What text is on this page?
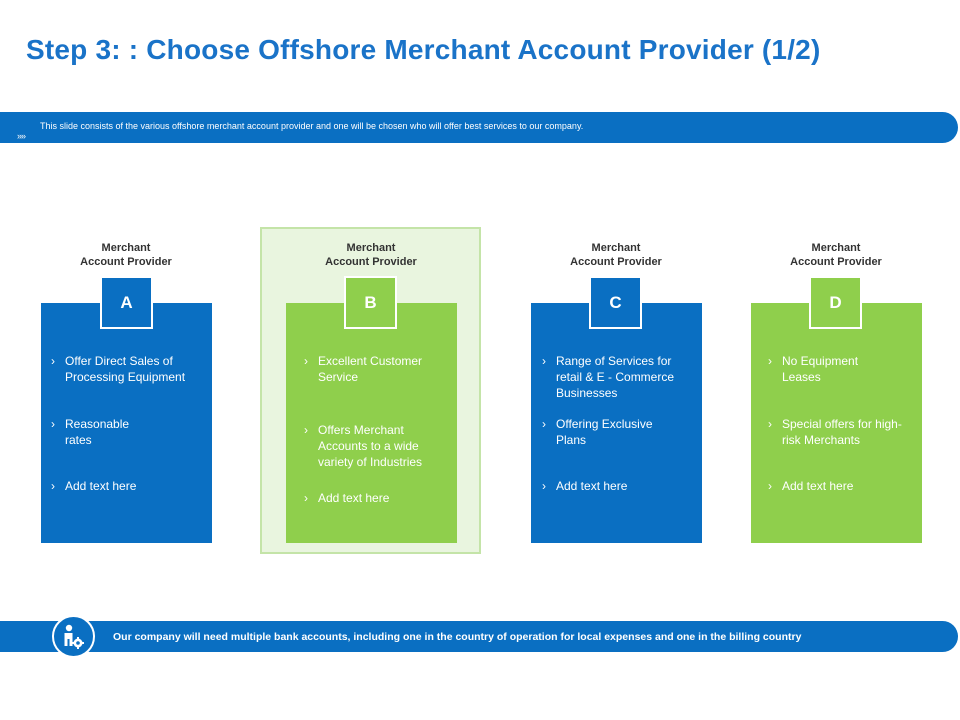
Step 3: : Choose Offshore Merchant Account Provider (1/2)
»»
This slide consists of the various offshore merchant account provider and one will be chosen who will offer best services to our company.
Merchant
Account Provider
A
› Offer Direct Sales of Processing Equipment
› Reasonable rates
› Add text here
Merchant
Account Provider
B
› Excellent Customer Service
› Offers Merchant Accounts to a wide variety of Industries
› Add text here
Merchant
Account Provider
C
› Range of Services for retail & E - Commerce Businesses
› Offering Exclusive Plans
› Add text here
Merchant
Account Provider
D
› No Equipment Leases
› Special offers for high-risk Merchants
› Add text here
Our company will need multiple bank accounts, including one in the country of operation for local expenses and one in the billing country
